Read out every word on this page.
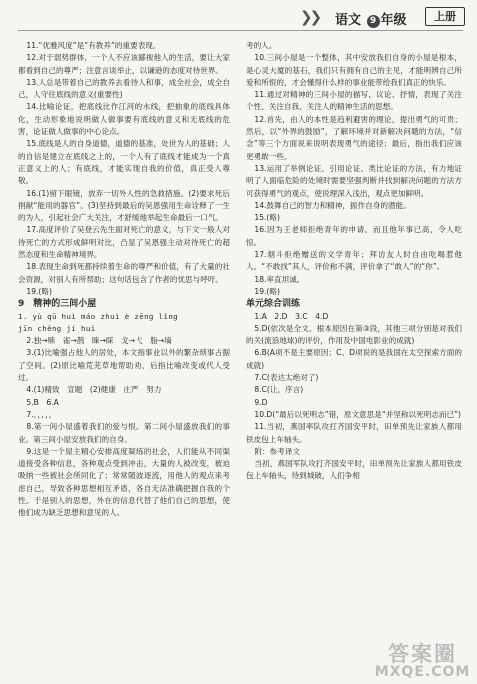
❯❯ 语文 9 年级	上册

11.“优雅风度”是“有教养”的重要表现。

12.对于弱势群体，一个人不应该鄙视他人的生活，要让大家都看到自己的尊严；注意言谈举止，以谦逊的态度对待世界。

13.人总是带着自己的教养去看待人和事，成全社会，成全自己，人守住底线的意义(重要性)

14.比喻论证，把底线比作江河的水线，把抽象的底线具体化，生动形象地说明做人做事要有底线的意义和无底线的危害，论证做人做事的中心论点。

15.底线是人的自身道德，道德的基准，处世为人的基础；人的自信是建立在底线之上的，一个人有了底线才能成为一个真正意义上的人；有底线，才能实现自我的价值，真正受人尊敬。

16.(1)留下眼镜，放弃一切外人性的急救措施。(2)要求死后捐献“能用的器官”。(3)坚持到最后的吴恩强用生命诠释了一生的为人，引起社会广大关注，才舒缓地举起生命最后一口气。

17.高度评价了吴登云先生面对死亡的意义，与下文一般人对待死亡的方式形成鲜明对比，凸显了吴恩强主动对待死亡的超然态度和生命精神境界。

18.表现生命到死都持续着生命的尊严和价值，有了大量的社会资源，对别人有所帮助；这句话包含了作者的忧思与呼吁。

19.(略)

9　精神的三间小屋

1. yù qū huì máo zhuì è zēng lǐng

jīn chěng jí huì

2.独→赎　雀→鹊　睐→睬　戈→弋　脂→墒

3.(1)比喻强占他人的居处，本文指事业以外的繁杂琐事占据了空间。(2)原比喻荒芜草地帮助劝，后指比喻改变或代人受过。

4.(1)精致　宣题　(2)健康　庄严　努力

5.B　6.A

7.，，，，，

8.第一间小屋盛着我们的爱与恨。第二间小屋盛放我们的事业。第三间小屋安放我们的自身。

9.这是一个屋主精心安排高度凝练的社会，人们能从不同渠道接受各种信息，各种观点受到冲击，大量的人被改变，被迫吸纳一些被社会所同化了；常常随波逐流，用他人的观点来考虑自己，导致各种思想相互矛盾，各自无法准确把握自我的个性。于是别人的思想，外在的信息代替了他们自己的思想，使他们成为缺乏思想和意见的人。

考的人。

10.三间小屋是一个整体，其中安放我们自身的小屋是根本，是心灵大厦的基石，我们只有拥有自己的主见，才能明辨自己所爱和所恨的，才会懂得什么样的事业能带给我们真正的快乐。

11.通过对精神的三间小屋的描写、议论、抒情，表现了关注个性、关注自我、关注人的精神生活的思想。

12.首先，由人的本性是趋利避害的理论，提出勇气的可贵；然后，以“外界的鼓励”，了解环境并对新解决问题的方法，“信念”等三个方面说来说明表现勇气的途径；最后，指出我们应该更勇敢一些。

13.运用了举例论证、引用论证、类比论证的方法，有力地证明了人面临危险的处境时需要坚强判断并找到解决问题的方法方可获得勇气的观点，使说理深入浅出，观点更加鲜明。

14.鼓舞自己的智力和精神，振作自身的潜能。

15.(略)

16.因为王老师拒绝青年的申请，而且他年事已高，令人吃惊。

17.烟斗拒绝赠送的文学青年；拜访友人时自由吃喝惹他人。“不敢找”其人，评价称不满，评价拿了“敢人”的“你”。

18.率直坦诚。

19.(略)

单元综合训练

1.A　2.D　3.C　4.D

5.D(依次是全文、根本原因在第③段，其他三项分别是对我们的关(流浪地球)的评价，作用及中国电影业的成就)

6.B(A项不是主要原因；C、D项说的是我国在太空探索方面的成就)

7.C(表达太绝对了)

8.C(让，序言)

9.D

10.D(“最后以死明志”错，原文意思是“并坚称以死明志而已”)

11.当初，燕国率队攻打齐国安平时，田单预先让家族人都用铁皮包上车轴头。

附：参考译文

当初，燕国军队攻打齐国安平时，田单预先让家族人都用铁皮包上车轴头，待到城破，人们争相

答案圈
MXQE.COM
